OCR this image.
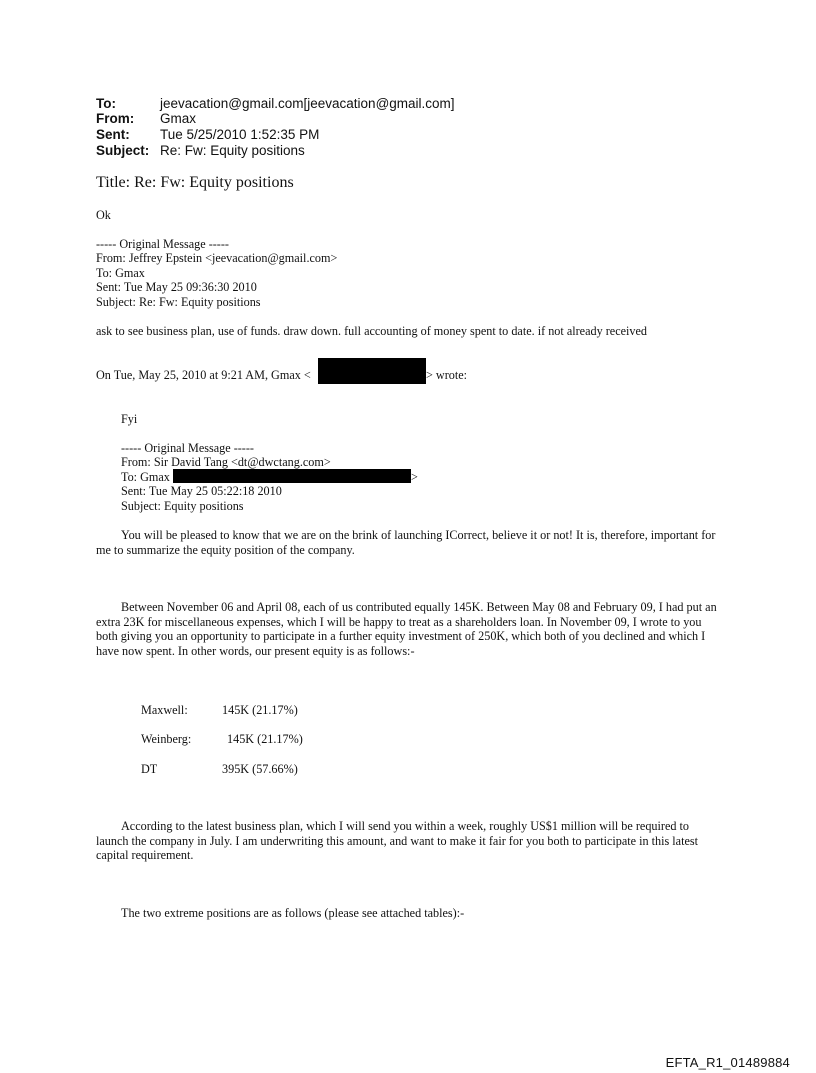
To:	jeevacation@gmail.com[jeevacation@gmail.com]
From: Gmax
Sent: Tue 5/25/2010 1:52:35 PM
Subject: Re: Fw: Equity positions
Title: Re: Fw: Equity positions
Ok
----- Original Message -----
From: Jeffrey Epstein <jeevacation@gmail.com>
To: Gmax
Sent: Tue May 25 09:36:30 2010
Subject: Re: Fw: Equity positions
ask to see business plan, use of funds. draw down. full accounting of money spent to date. if not already received
On Tue, May 25, 2010 at 9:21 AM, Gmax <	> wrote:
Fyi
----- Original Message -----
From: Sir David Tang <dt@dwctang.com>
To: Gmax	>
Sent: Tue May 25 05:22:18 2010
Subject: Equity positions
You will be pleased to know that we are on the brink of launching ICorrect, believe it or not! It is, therefore, important for me to summarize the equity position of the company.
Between November 06 and April 08, each of us contributed equally 145K. Between May 08 and February 09, I had put an extra 23K for miscellaneous expenses, which I will be happy to treat as a shareholders loan. In November 09, I wrote to you both giving you an opportunity to participate in a further equity investment of 250K, which both of you declined and which I have now spent. In other words, our present equity is as follows:-
Maxwell:	145K (21.17%)
Weinberg:	145K (21.17%)
DT	395K (57.66%)
According to the latest business plan, which I will send you within a week, roughly US$1 million will be required to launch the company in July. I am underwriting this amount, and want to make it fair for you both to participate in this latest capital requirement.
The two extreme positions are as follows (please see attached tables):-
EFTA_R1_01489884
